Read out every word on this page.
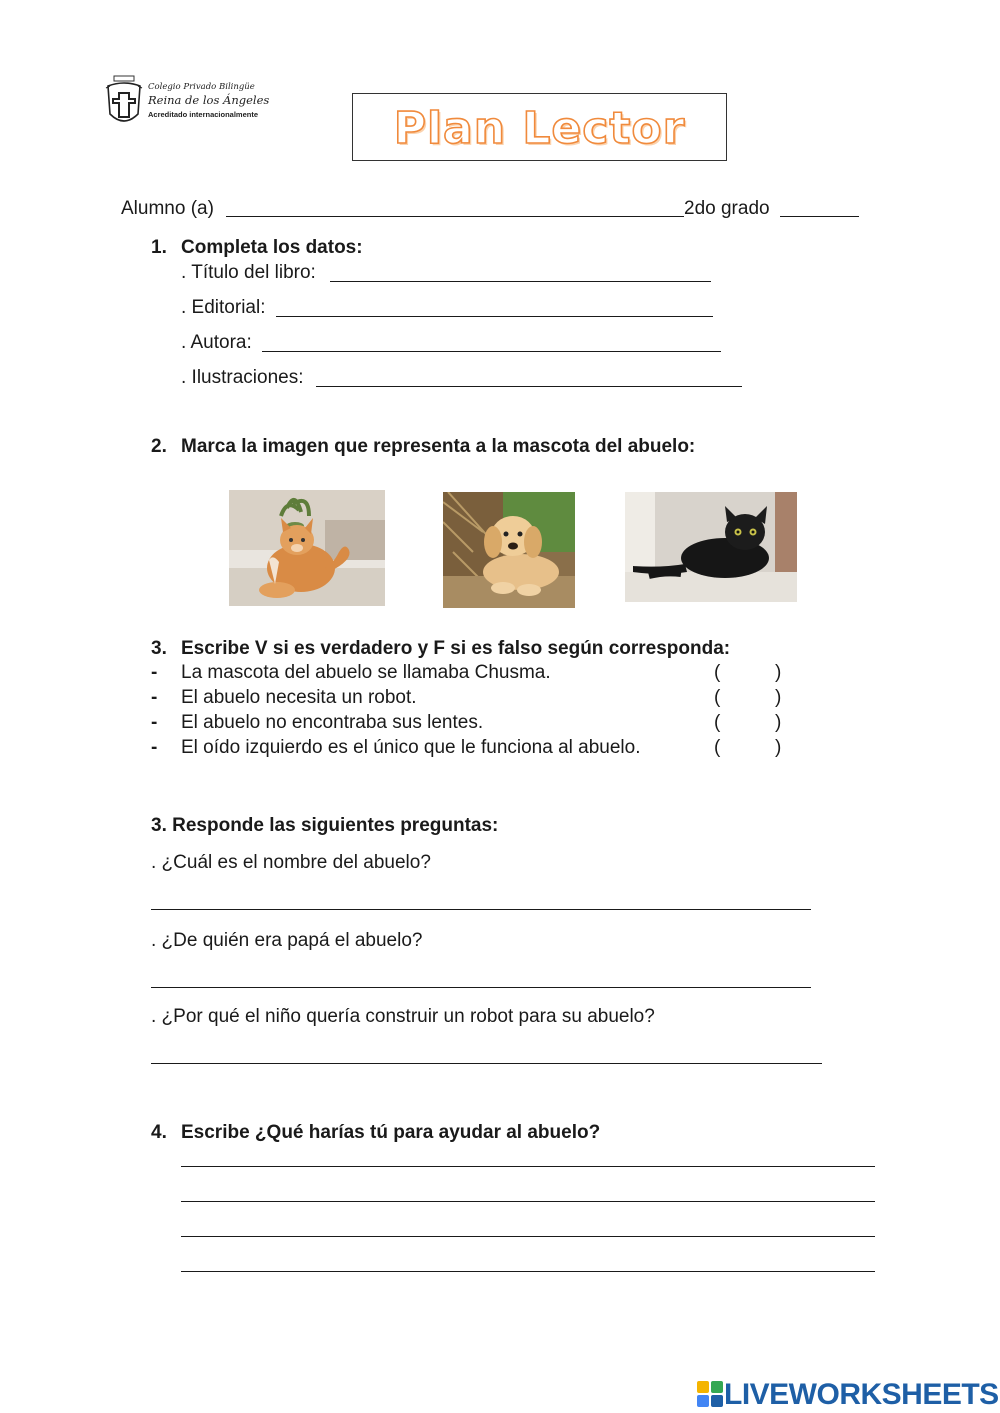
Colegio Privado Bilingüe
Reina de los Ángeles
Acreditado internacionalmente	Plan Lector
Alumno (a)	2do grado
1. Completa los datos:
. Título del libro:
. Editorial:
. Autora:
. Ilustraciones:
2. Marca la imagen que representa a la mascota del abuelo:
3. Escribe V si es verdadero y F si es falso según corresponda:
- La mascota del abuelo se llamaba Chusma.	(	)
- El abuelo necesita un robot.	(	)
- El abuelo no encontraba sus lentes.	(	)
- El oído izquierdo es el único que le funciona al abuelo.	(	)
3. Responde las siguientes preguntas:
. ¿Cuál es el nombre del abuelo?
. ¿De quién era papá el abuelo?
. ¿Por qué el niño quería construir un robot para su abuelo?
4. Escribe ¿Qué harías tú para ayudar al abuelo?
LIVEWORKSHEETS
